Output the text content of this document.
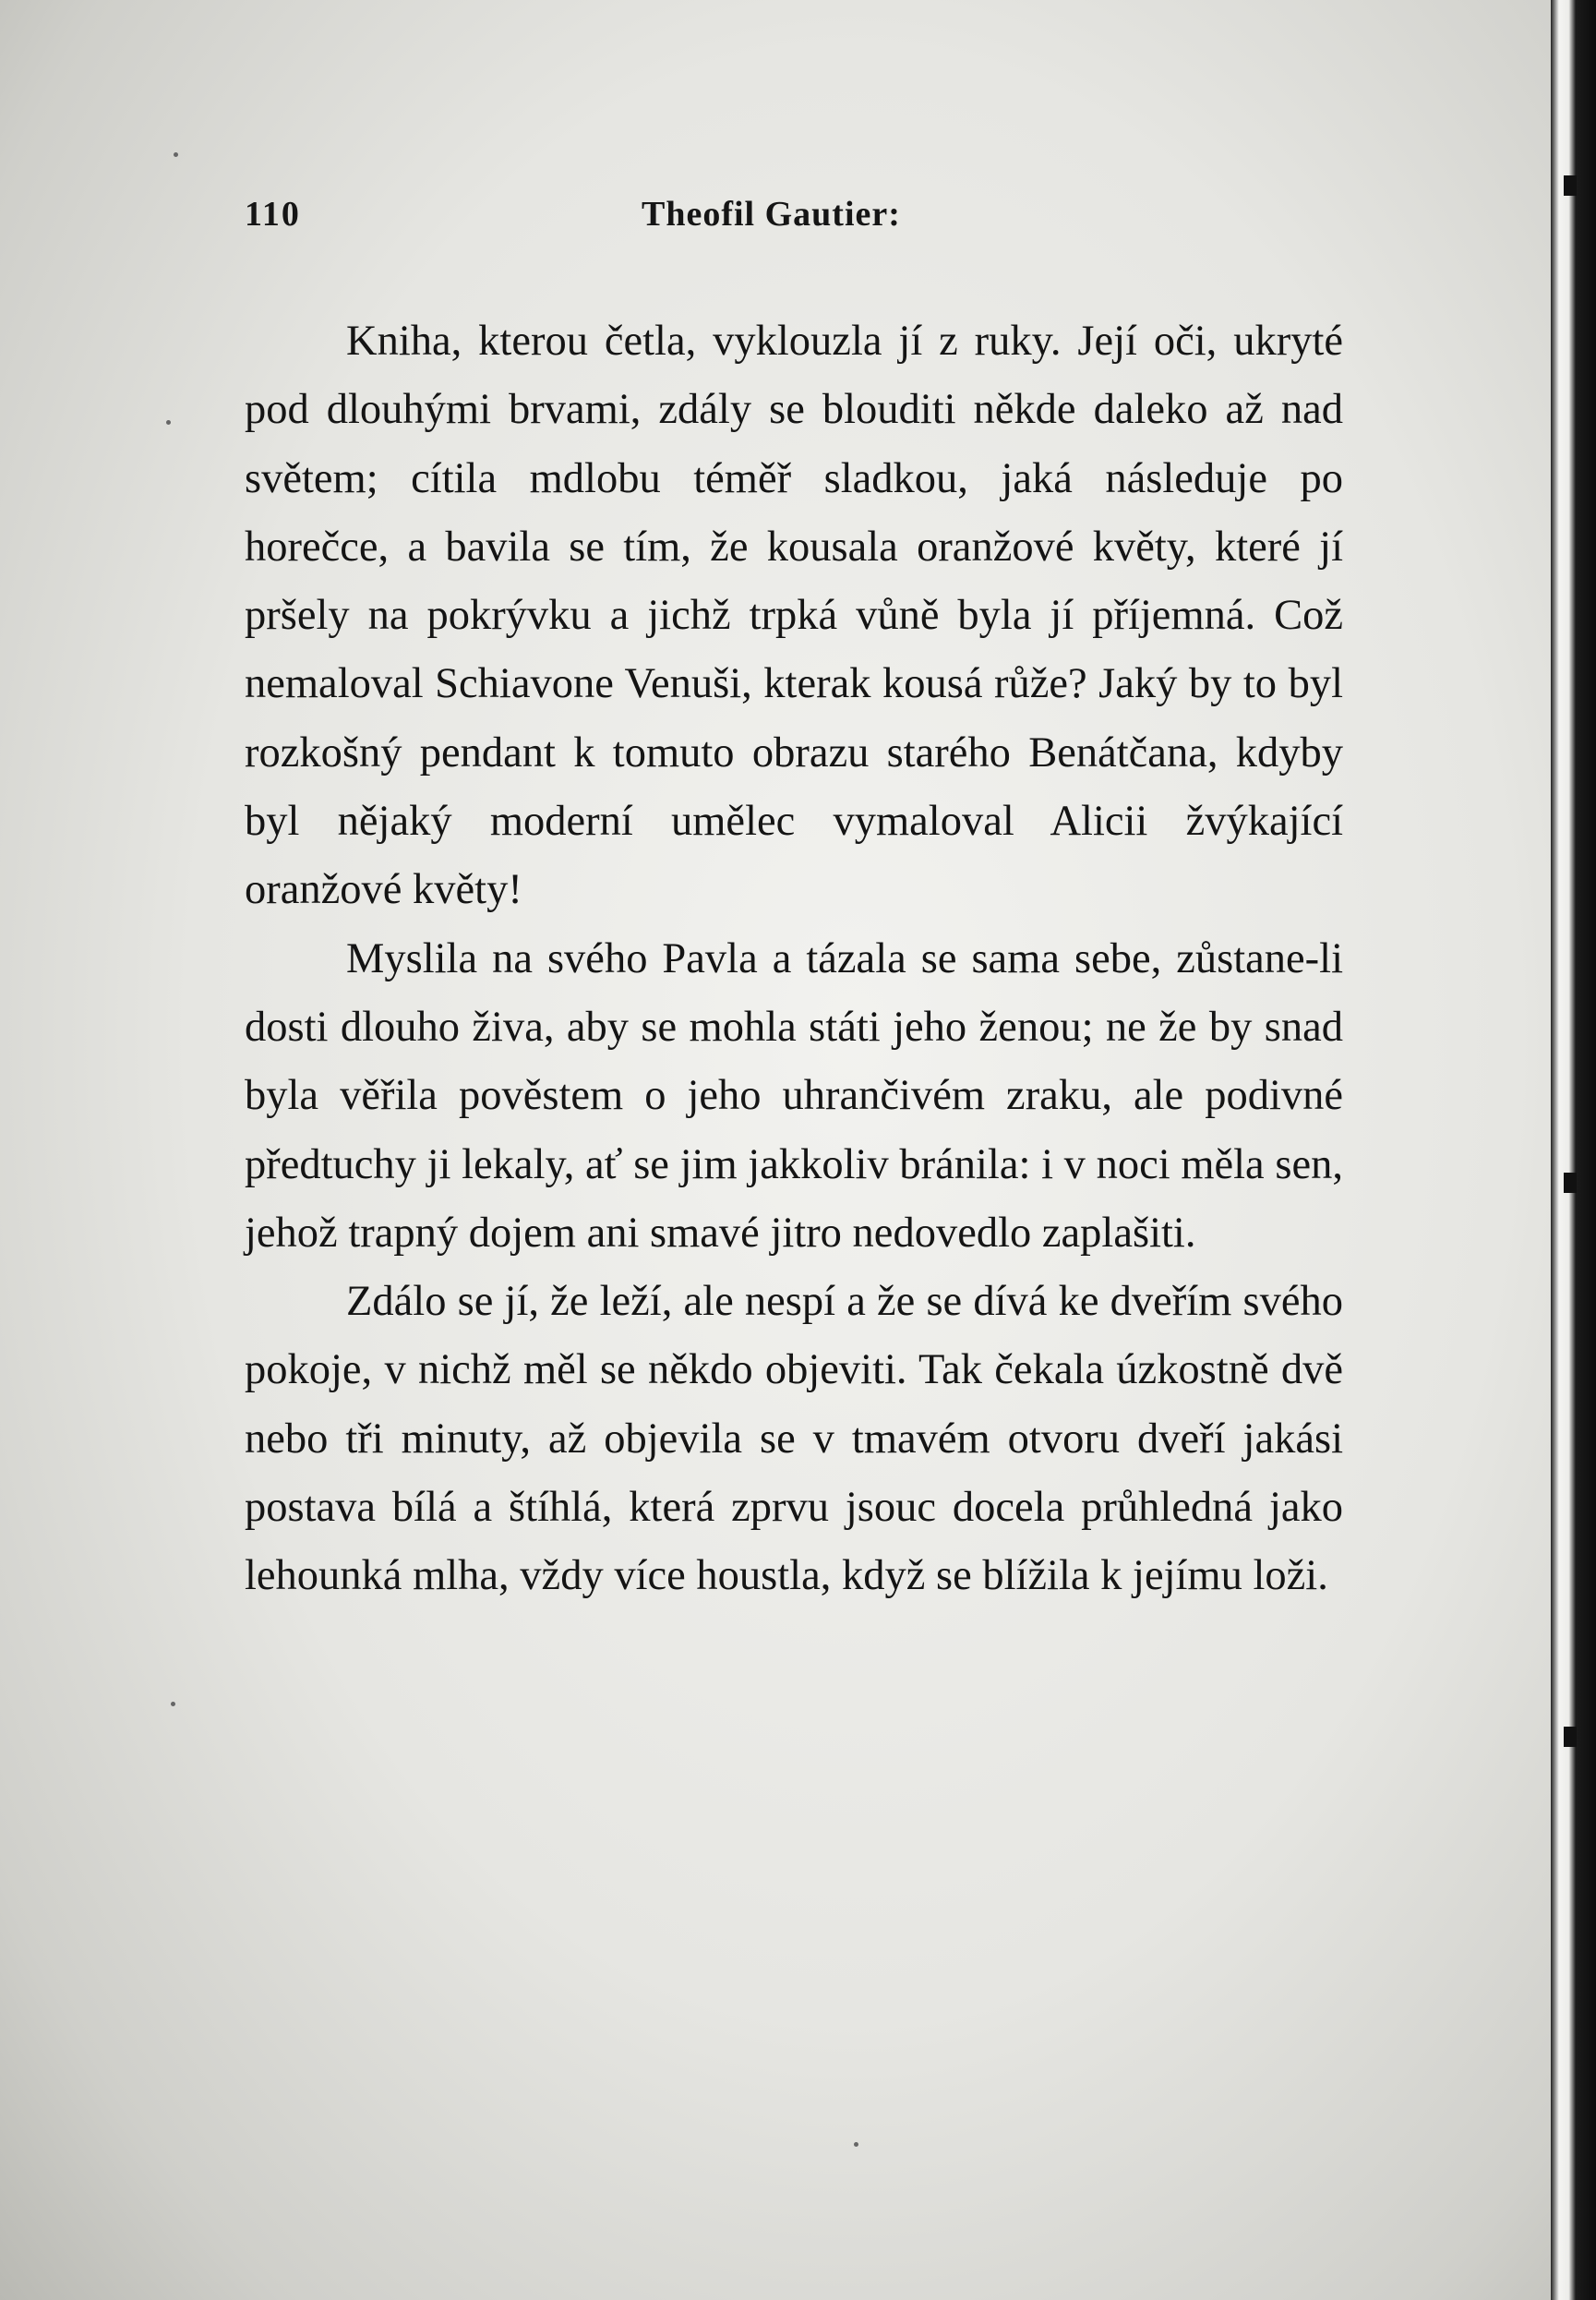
110	Theofil Gautier:

Kniha, kterou četla, vyklouzla jí z ruky. Její oči, ukryté pod dlouhými brvami, zdály se blouditi někde daleko až nad světem; cítila mdlobu téměř sladkou, jaká následuje po horečce, a bavila se tím, že kousala oranžové květy, které jí pršely na pokrývku a jichž trpká vůně byla jí příjemná. Což nemaloval Schiavone Venuši, kterak kousá růže? Jaký by to byl rozkošný pendant k tomuto obrazu starého Benátčana, kdyby byl nějaký moderní umělec vymaloval Alicii žvýkající oranžové květy!

Myslila na svého Pavla a tázala se sama sebe, zůstane-li dosti dlouho živa, aby se mohla státi jeho ženou; ne že by snad byla věřila pověstem o jeho uhrančivém zraku, ale podivné předtuchy ji lekaly, ať se jim jakkoliv bránila: i v noci měla sen, jehož trapný dojem ani smavé jitro nedovedlo zaplašiti.

Zdálo se jí, že leží, ale nespí a že se dívá ke dveřím svého pokoje, v nichž měl se někdo objeviti. Tak čekala úzkostně dvě nebo tři minuty, až objevila se v tmavém otvoru dveří jakási postava bílá a štíhlá, která zprvu jsouc docela průhledná jako lehounká mlha, vždy více houstla, když se blížila k jejímu loži.
